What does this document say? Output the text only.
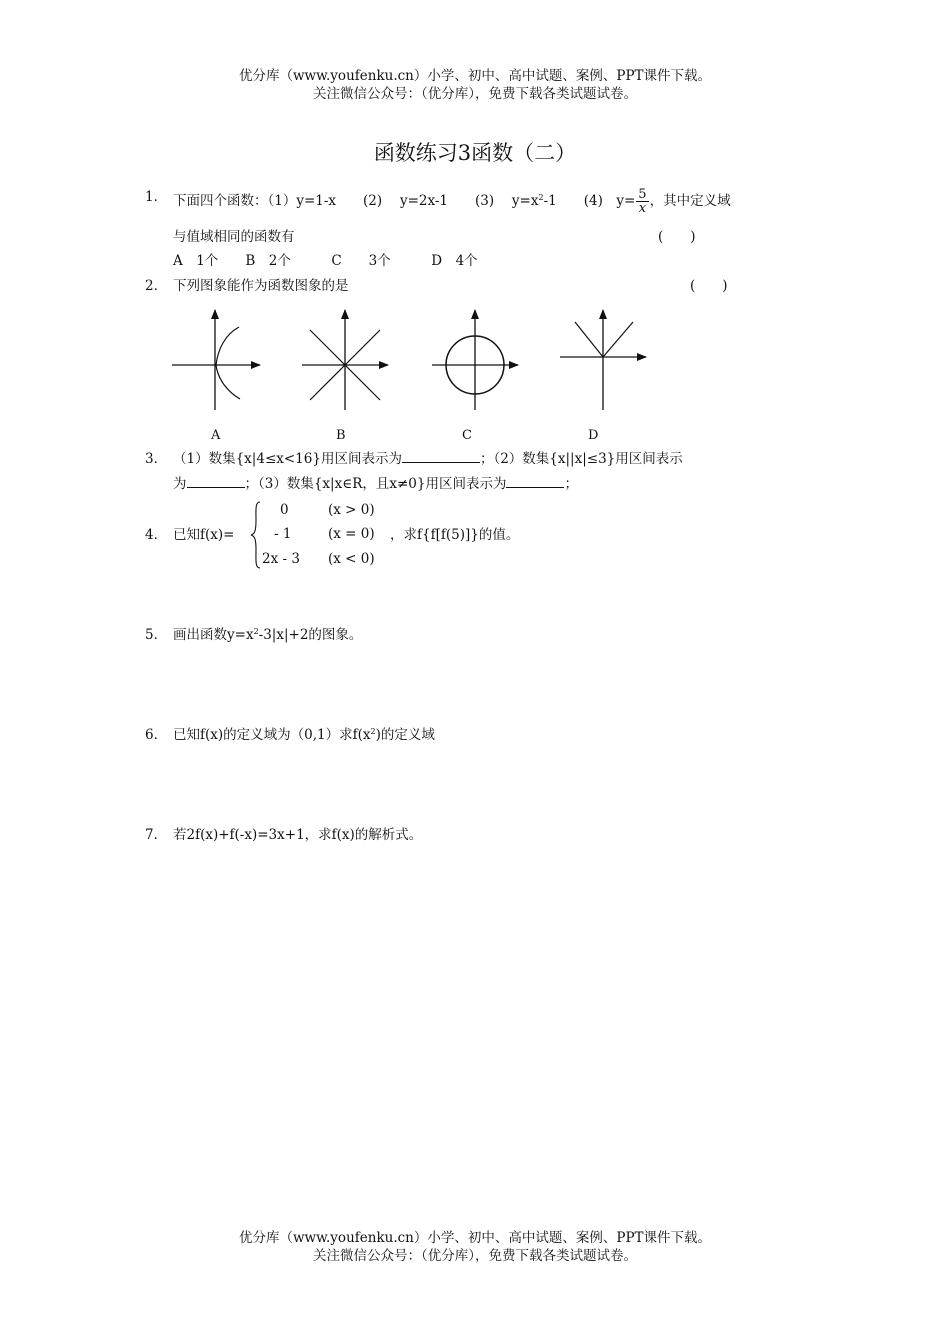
优分库（www.youfenku.cn）小学、初中、高中试题、案例、PPT课件下载。
关注微信公众号：（优分库），免费下载各类试题试卷。
函数练习3函数（二）
1． 下面四个函数：（1）y=1-x　　(2)　 y=2x-1　　(3)　 $y=x^2-1$　　(4)　$y= \frac{5}{x}$ ，其中定义域
与值域相同的函数有	(　　)
A　1个　　B　2个　　　C　　3个　　　D　4个
2． 下列图象能作为函数图象的是	(　　)
A	B	C	D
3． （1）数集{x|4≤x<16}用区间表示为	；（2）数集{x||x|≤3}用区间表示
为	；（3）数集{x|x∈R，且x≠0}用区间表示为	；
4． 已知f(x)=
0	(x > 0)
- 1	(x = 0)
2x - 3 (x < 0)
，求f{f[f(5)]}的值。
5． 画出函数$y=x^2-3|x|+2$的图象。
6． 已知f(x)的定义域为（0,1）求$f(x^2)$的定义域
7． 若2f(x)+f(-x)=3x+1，求f(x)的解析式。
优分库（www.youfenku.cn）小学、初中、高中试题、案例、PPT课件下载。
关注微信公众号：（优分库），免费下载各类试题试卷。
